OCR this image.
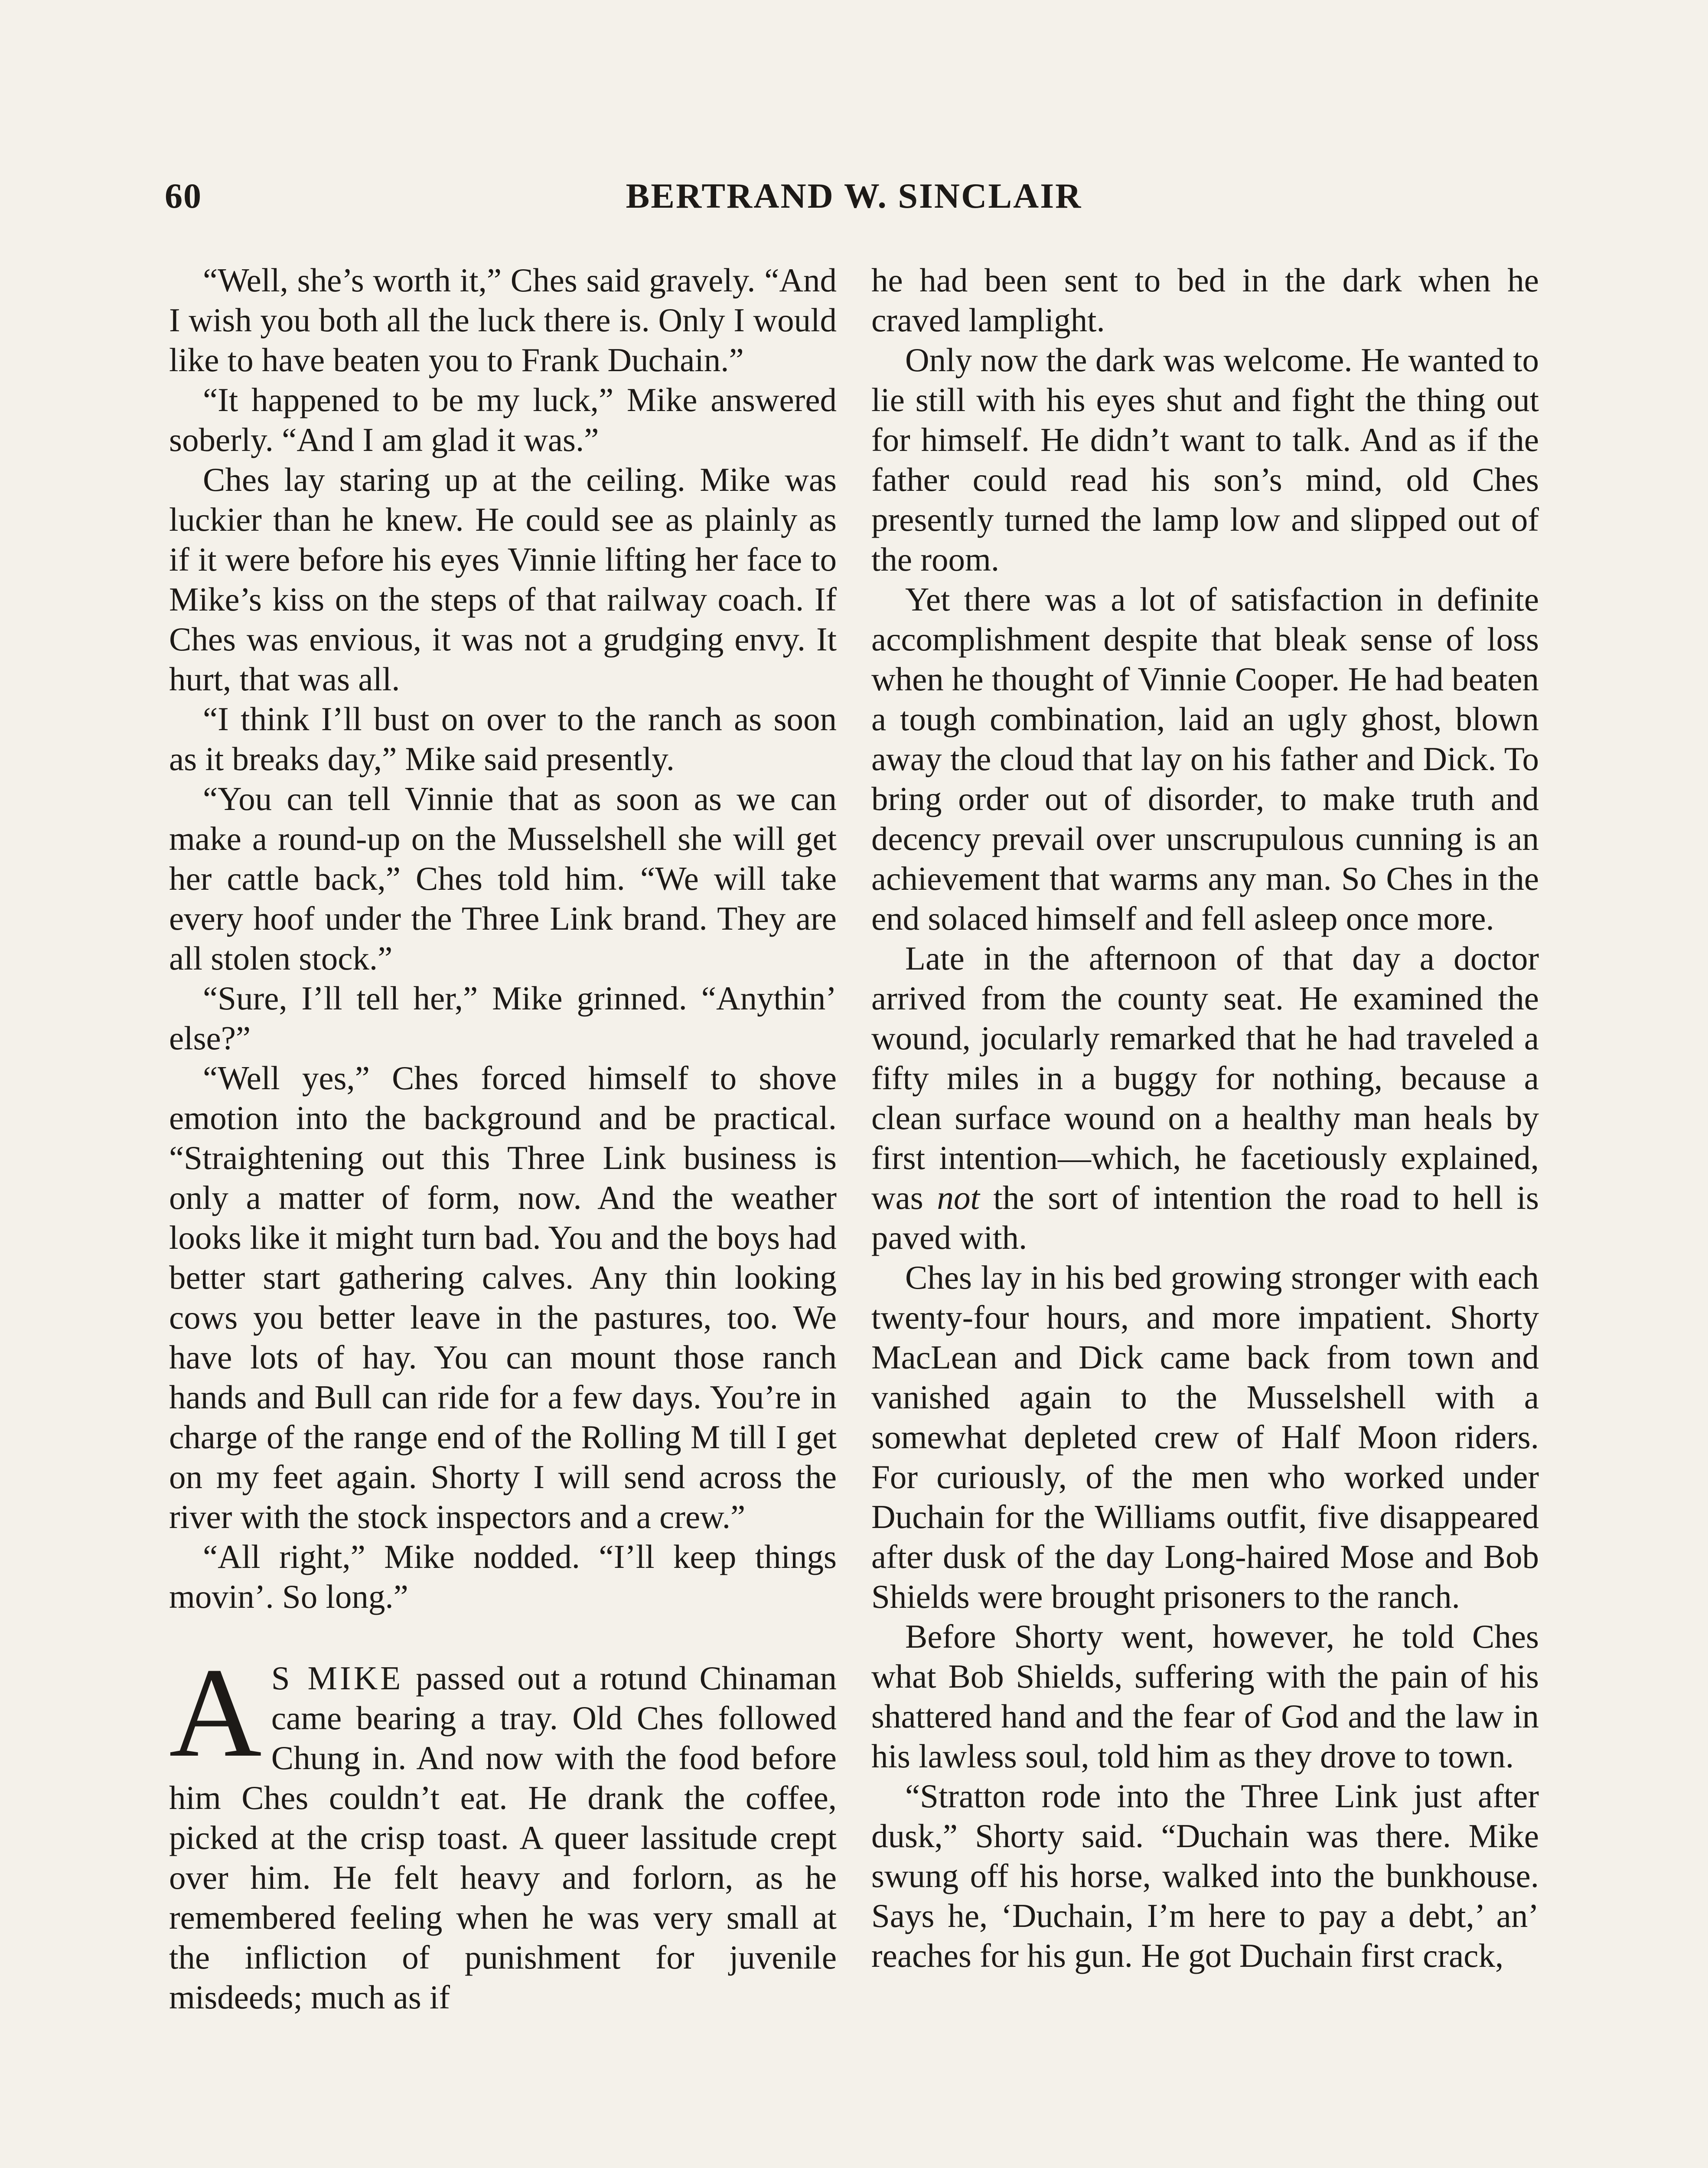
60	BERTRAND W. SINCLAIR

“Well, she’s worth it,” Ches said gravely. “And I wish you both all the luck there is. Only I would like to have beaten you to Frank Duchain.”

“It happened to be my luck,” Mike answered soberly. “And I am glad it was.”

Ches lay staring up at the ceiling. Mike was luckier than he knew. He could see as plainly as if it were before his eyes Vinnie lifting her face to Mike’s kiss on the steps of that railway coach. If Ches was envious, it was not a grudging envy. It hurt, that was all.

“I think I’ll bust on over to the ranch as soon as it breaks day,” Mike said presently.

“You can tell Vinnie that as soon as we can make a round-up on the Musselshell she will get her cattle back,” Ches told him. “We will take every hoof under the Three Link brand. They are all stolen stock.”

“Sure, I’ll tell her,” Mike grinned. “Anythin’ else?”

“Well yes,” Ches forced himself to shove emotion into the background and be practical. “Straightening out this Three Link business is only a matter of form, now. And the weather looks like it might turn bad. You and the boys had better start gathering calves. Any thin looking cows you better leave in the pastures, too. We have lots of hay. You can mount those ranch hands and Bull can ride for a few days. You’re in charge of the range end of the Rolling M till I get on my feet again. Shorty I will send across the river with the stock inspectors and a crew.”

“All right,” Mike nodded. “I’ll keep things movin’. So long.”

A S MIKE passed out a rotund Chinaman came bearing a tray. Old Ches followed Chung in. And now with the food before him Ches couldn’t eat. He drank the coffee, picked at the crisp toast. A queer lassitude crept over him. He felt heavy and forlorn, as he remembered feeling when he was very small at the infliction of punishment for juvenile misdeeds; much as if

he had been sent to bed in the dark when he craved lamplight.

Only now the dark was welcome. He wanted to lie still with his eyes shut and fight the thing out for himself. He didn’t want to talk. And as if the father could read his son’s mind, old Ches presently turned the lamp low and slipped out of the room.

Yet there was a lot of satisfaction in definite accomplishment despite that bleak sense of loss when he thought of Vinnie Cooper. He had beaten a tough combination, laid an ugly ghost, blown away the cloud that lay on his father and Dick. To bring order out of disorder, to make truth and decency prevail over unscrupulous cunning is an achievement that warms any man. So Ches in the end solaced himself and fell asleep once more.

Late in the afternoon of that day a doctor arrived from the county seat. He examined the wound, jocularly remarked that he had traveled a fifty miles in a buggy for nothing, because a clean surface wound on a healthy man heals by first intention—which, he facetiously explained, was not the sort of intention the road to hell is paved with.

Ches lay in his bed growing stronger with each twenty-four hours, and more impatient. Shorty MacLean and Dick came back from town and vanished again to the Musselshell with a somewhat depleted crew of Half Moon riders. For curiously, of the men who worked under Duchain for the Williams outfit, five disappeared after dusk of the day Long-haired Mose and Bob Shields were brought prisoners to the ranch.

Before Shorty went, however, he told Ches what Bob Shields, suffering with the pain of his shattered hand and the fear of God and the law in his lawless soul, told him as they drove to town.

“Stratton rode into the Three Link just after dusk,” Shorty said. “Duchain was there. Mike swung off his horse, walked into the bunkhouse. Says he, ‘Duchain, I’m here to pay a debt,’ an’ reaches for his gun. He got Duchain first crack,
